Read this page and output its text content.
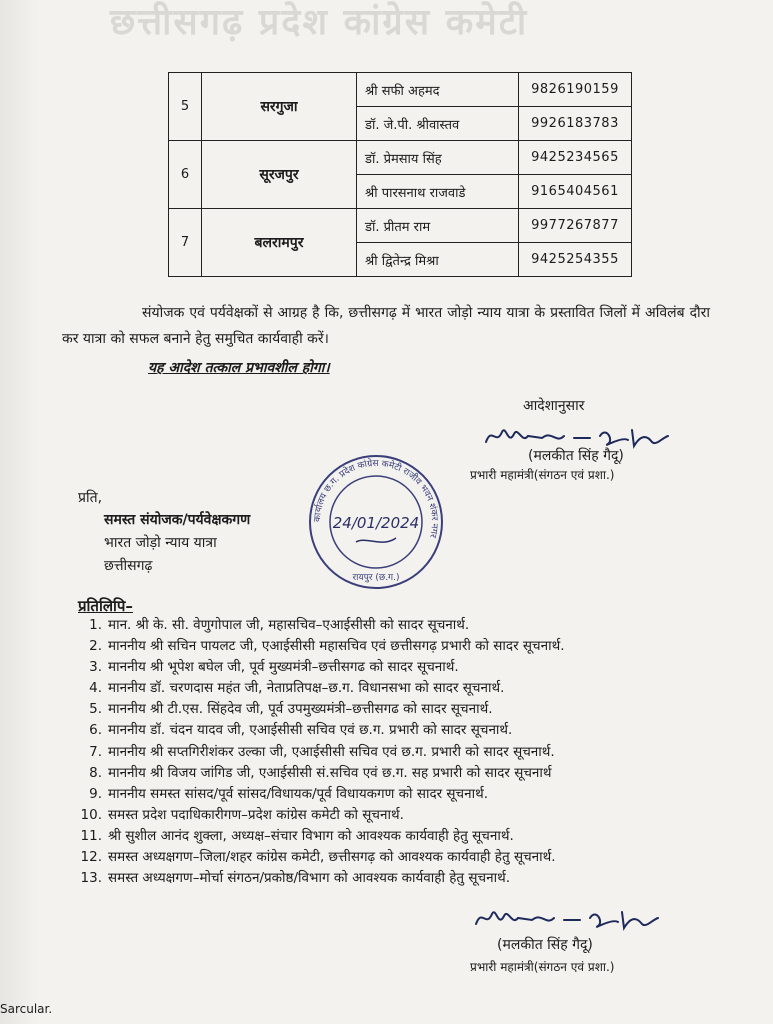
छत्तीसगढ़ प्रदेश कांग्रेस कमेटी
5	सरगुजा	श्री सफी अहमद	9826190159
		डॉ. जे.पी. श्रीवास्तव	9926183783
6	सूरजपुर	डॉ. प्रेमसाय सिंह	9425234565
		श्री पारसनाथ राजवाडे	9165404561
7	बलरामपुर	डॉ. प्रीतम राम	9977267877
		श्री द्वितेन्द्र मिश्रा	9425254355
संयोजक एवं पर्यवेक्षकों से आग्रह है कि, छत्तीसगढ़ में भारत जोड़ो न्याय यात्रा के प्रस्तावित जिलों में अविलंब दौरा कर यात्रा को सफल बनाने हेतु समुचित कार्यवाही करें।
यह आदेश तत्काल प्रभावशील होगा।
आदेशानुसार
(मलकीत सिंह गैदू)
प्रभारी महामंत्री(संगठन एवं प्रशा.)
प्रति,
समस्त संयोजक/पर्यवेक्षकगण
भारत जोड़ो न्याय यात्रा
छत्तीसगढ़
कार्यालय छ.ग. प्रदेश कांग्रेस कमेटी राजीव भवन शंकर नगर
24/01/2024
रायपुर (छ.ग.)
प्रतिलिपि–
1. मान. श्री के. सी. वेणुगोपाल जी, महासचिव–एआईसीसी को सादर सूचनार्थ.
2. माननीय श्री सचिन पायलट जी, एआईसीसी महासचिव एवं छत्तीसगढ़ प्रभारी को सादर सूचनार्थ.
3. माननीय श्री भूपेश बघेल जी, पूर्व मुख्यमंत्री–छत्तीसगढ को सादर सूचनार्थ.
4. माननीय डॉ. चरणदास महंत जी, नेताप्रतिपक्ष–छ.ग. विधानसभा को सादर सूचनार्थ.
5. माननीय श्री टी.एस. सिंहदेव जी, पूर्व उपमुख्यमंत्री–छत्तीसगढ को सादर सूचनार्थ.
6. माननीय डॉ. चंदन यादव जी, एआईसीसी सचिव एवं छ.ग. प्रभारी को सादर सूचनार्थ.
7. माननीय श्री सप्तगिरीशंकर उल्का जी, एआईसीसी सचिव एवं छ.ग. प्रभारी को सादर सूचनार्थ.
8. माननीय श्री विजय जांगिड जी, एआईसीसी सं.सचिव एवं छ.ग. सह प्रभारी को सादर सूचनार्थ
9. माननीय समस्त सांसद/पूर्व सांसद/विधायक/पूर्व विधायकगण को सादर सूचनार्थ.
10. समस्त प्रदेश पदाधिकारीगण–प्रदेश कांग्रेस कमेटी को सूचनार्थ.
11. श्री सुशील आनंद शुक्ला, अध्यक्ष–संचार विभाग को आवश्यक कार्यवाही हेतु सूचनार्थ.
12. समस्त अध्यक्षगण–जिला/शहर कांग्रेस कमेटी, छत्तीसगढ़ को आवश्यक कार्यवाही हेतु सूचनार्थ.
13. समस्त अध्यक्षगण–मोर्चा संगठन/प्रकोष्ठ/विभाग को आवश्यक कार्यवाही हेतु सूचनार्थ.
(मलकीत सिंह गैदू)
प्रभारी महामंत्री(संगठन एवं प्रशा.)
Sarcular.
